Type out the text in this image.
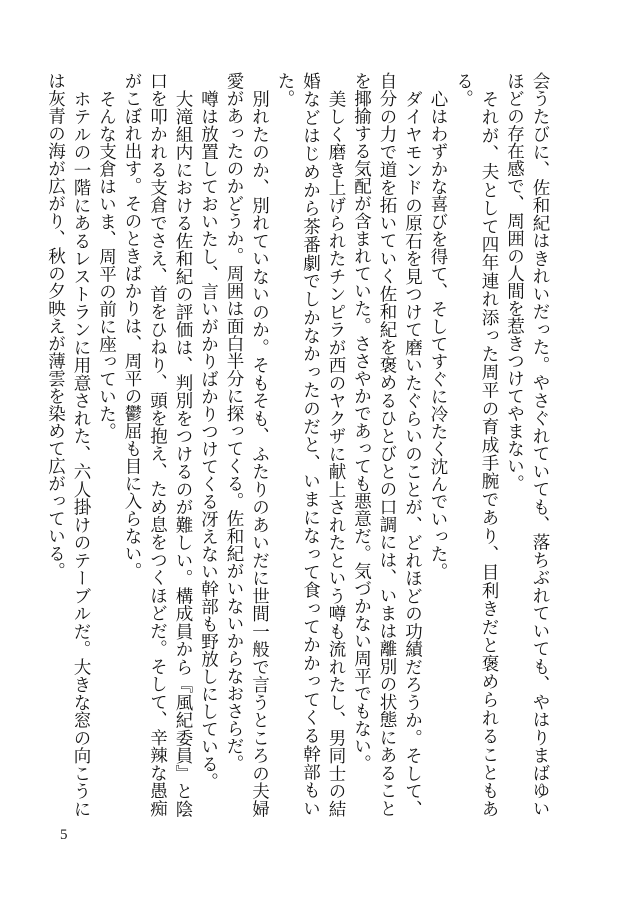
会うたびに、佐和紀はきれいだった。やさぐれていても、落ちぶれていても、やはりまばゆいほどの存在感で、周囲の人間を惹きつけてやまない。

それが、夫として四年連れ添った周平の育成手腕であり、目利きだと褒められることもある。

心はわずかな喜びを得て、そしてすぐに冷たく沈んでいった。

ダイヤモンドの原石を見つけて磨いたぐらいのことが、どれほどの功績だろうか。そして、自分の力で道を拓いていく佐和紀を褒めるひとびとの口調には、いまは離別の状態にあることを揶揄する気配が含まれていた。ささやかであっても悪意だ。気づかない周平でもない。

美しく磨き上げられたチンピラが西のヤクザに献上されたという噂も流れたし、男同士の結婚などはじめから茶番劇でしかなかったのだと、いまになって食ってかかってくる幹部もいた。

別れたのか、別れていないのか。そもそも、ふたりのあいだに世間一般で言うところの夫婦愛があったのかどうか。周囲は面白半分に探ってくる。佐和紀がいないからなおさらだ。

噂は放置しておいたし、言いがかりばかりつけてくる冴えない幹部も野放しにしている。

大滝組内における佐和紀の評価は、判別をつけるのが難しい。構成員から『風紀委員』と陰口を叩かれる支倉でさえ、首をひねり、頭を抱え、ため息をつくほどだ。そして、辛辣な愚痴がこぼれ出す。そのときばかりは、周平の鬱屈も目に入らない。

そんな支倉はいま、周平の前に座っていた。

ホテルの一階にあるレストランに用意された、六人掛けのテーブルだ。大きな窓の向こうには灰青の海が広がり、秋の夕映えが薄雲を染めて広がっている。

5
